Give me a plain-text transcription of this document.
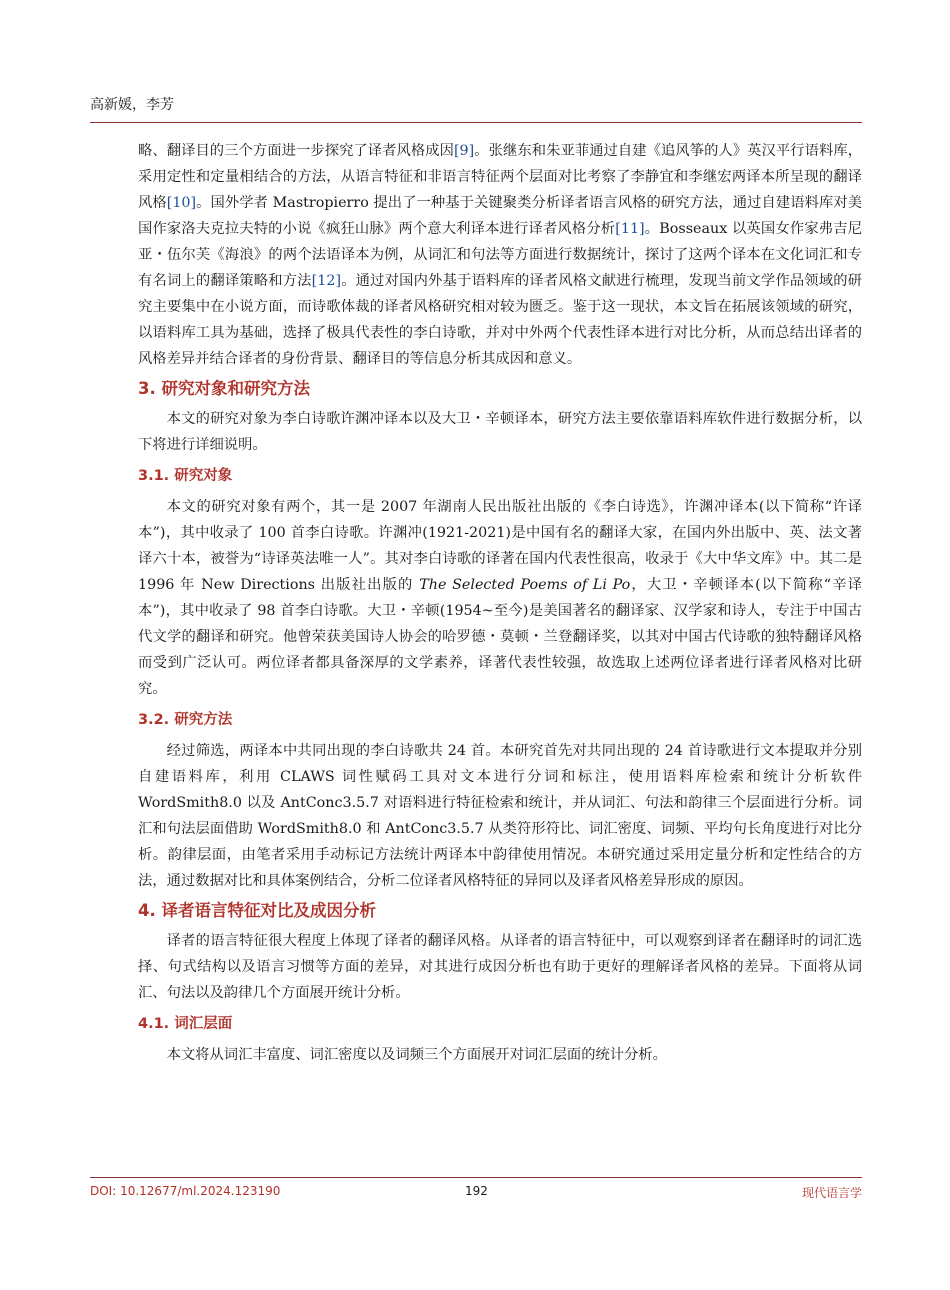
高新媛，李芳

略、翻译目的三个方面进一步探究了译者风格成因[9]。张继东和朱亚菲通过自建《追风筝的人》英汉平行语料库，采用定性和定量相结合的方法，从语言特征和非语言特征两个层面对比考察了李静宜和李继宏两译本所呈现的翻译风格[10]。国外学者 Mastropierro 提出了一种基于关键聚类分析译者语言风格的研究方法，通过自建语料库对美国作家洛夫克拉夫特的小说《疯狂山脉》两个意大利译本进行译者风格分析[11]。Bosseaux 以英国女作家弗吉尼亚・伍尔芙《海浪》的两个法语译本为例，从词汇和句法等方面进行数据统计，探讨了这两个译本在文化词汇和专有名词上的翻译策略和方法[12]。通过对国内外基于语料库的译者风格文献进行梳理，发现当前文学作品领域的研究主要集中在小说方面，而诗歌体裁的译者风格研究相对较为匮乏。鉴于这一现状，本文旨在拓展该领域的研究，以语料库工具为基础，选择了极具代表性的李白诗歌，并对中外两个代表性译本进行对比分析，从而总结出译者的风格差异并结合译者的身份背景、翻译目的等信息分析其成因和意义。

3. 研究对象和研究方法

本文的研究对象为李白诗歌许渊冲译本以及大卫・辛顿译本，研究方法主要依靠语料库软件进行数据分析，以下将进行详细说明。

3.1. 研究对象

本文的研究对象有两个，其一是 2007 年湖南人民出版社出版的《李白诗选》，许渊冲译本(以下简称“许译本”)，其中收录了 100 首李白诗歌。许渊冲(1921-2021)是中国有名的翻译大家，在国内外出版中、英、法文著译六十本，被誉为“诗译英法唯一人”。其对李白诗歌的译著在国内代表性很高，收录于《大中华文库》中。其二是 1996 年 New Directions 出版社出版的 The Selected Poems of Li Po，大卫・辛顿译本(以下简称“辛译本”)，其中收录了 98 首李白诗歌。大卫・辛顿(1954~至今)是美国著名的翻译家、汉学家和诗人，专注于中国古代文学的翻译和研究。他曾荣获美国诗人协会的哈罗德・莫顿・兰登翻译奖，以其对中国古代诗歌的独特翻译风格而受到广泛认可。两位译者都具备深厚的文学素养，译著代表性较强，故选取上述两位译者进行译者风格对比研究。

3.2. 研究方法

经过筛选，两译本中共同出现的李白诗歌共 24 首。本研究首先对共同出现的 24 首诗歌进行文本提取并分别自建语料库，利用 CLAWS 词性赋码工具对文本进行分词和标注，使用语料库检索和统计分析软件 WordSmith8.0 以及 AntConc3.5.7 对语料进行特征检索和统计，并从词汇、句法和韵律三个层面进行分析。词汇和句法层面借助 WordSmith8.0 和 AntConc3.5.7 从类符形符比、词汇密度、词频、平均句长角度进行对比分析。韵律层面，由笔者采用手动标记方法统计两译本中韵律使用情况。本研究通过采用定量分析和定性结合的方法，通过数据对比和具体案例结合，分析二位译者风格特征的异同以及译者风格差异形成的原因。

4. 译者语言特征对比及成因分析

译者的语言特征很大程度上体现了译者的翻译风格。从译者的语言特征中，可以观察到译者在翻译时的词汇选择、句式结构以及语言习惯等方面的差异，对其进行成因分析也有助于更好的理解译者风格的差异。下面将从词汇、句法以及韵律几个方面展开统计分析。

4.1. 词汇层面

本文将从词汇丰富度、词汇密度以及词频三个方面展开对词汇层面的统计分析。

DOI: 10.12677/ml.2024.123190	192	现代语言学
